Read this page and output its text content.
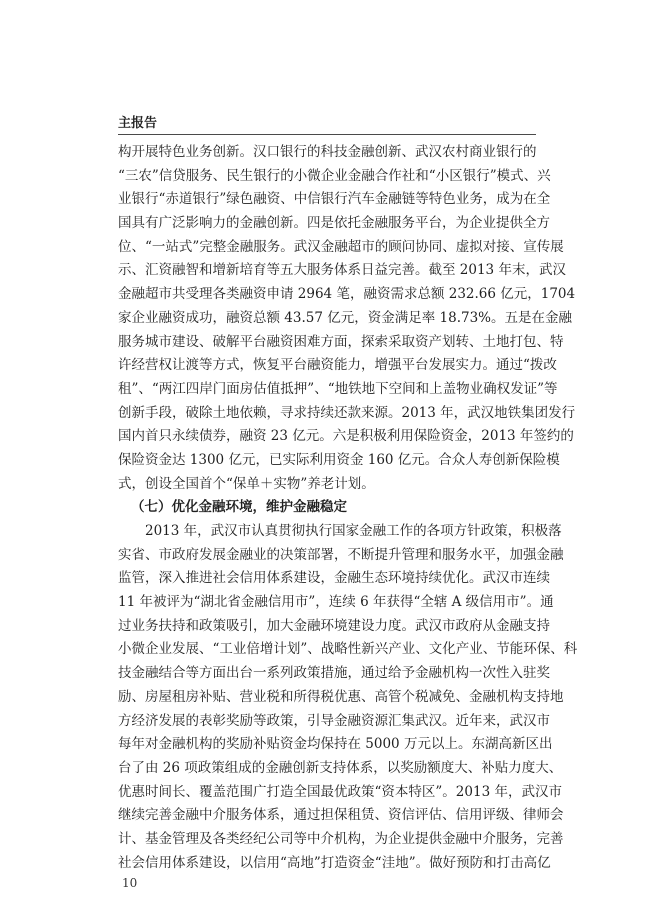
主报告
构开展特色业务创新。汉口银行的科技金融创新、武汉农村商业银行的
“三农”信贷服务、民生银行的小微企业金融合作社和“小区银行”模式、兴
业银行“赤道银行”绿色融资、中信银行汽车金融链等特色业务，成为在全
国具有广泛影响力的金融创新。四是依托金融服务平台，为企业提供全方
位、“一站式”完整金融服务。武汉金融超市的顾问协同、虚拟对接、宣传展
示、汇资融智和增新培育等五大服务体系日益完善。截至 2013 年末，武汉
金融超市共受理各类融资申请 2964 笔，融资需求总额 232.66 亿元，1704
家企业融资成功，融资总额 43.57 亿元，资金满足率 18.73%。五是在金融
服务城市建设、破解平台融资困难方面，探索采取资产划转、土地打包、特
许经营权让渡等方式，恢复平台融资能力，增强平台发展实力。通过“拨改
租”、“两江四岸门面房估值抵押”、“地铁地下空间和上盖物业确权发证”等
创新手段，破除土地依赖，寻求持续还款来源。2013 年，武汉地铁集团发行
国内首只永续债券，融资 23 亿元。六是积极利用保险资金，2013 年签约的
保险资金达 1300 亿元，已实际利用资金 160 亿元。合众人寿创新保险模
式，创设全国首个“保单＋实物”养老计划。
（七）优化金融环境，维护金融稳定
2013 年，武汉市认真贯彻执行国家金融工作的各项方针政策，积极落
实省、市政府发展金融业的决策部署，不断提升管理和服务水平，加强金融
监管，深入推进社会信用体系建设，金融生态环境持续优化。武汉市连续
11 年被评为“湖北省金融信用市”，连续 6 年获得“全辖 A 级信用市”。通
过业务扶持和政策吸引，加大金融环境建设力度。武汉市政府从金融支持
小微企业发展、“工业倍增计划”、战略性新兴产业、文化产业、节能环保、科
技金融结合等方面出台一系列政策措施，通过给予金融机构一次性入驻奖
励、房屋租房补贴、营业税和所得税优惠、高管个税减免、金融机构支持地
方经济发展的表彰奖励等政策，引导金融资源汇集武汉。近年来，武汉市
每年对金融机构的奖励补贴资金均保持在 5000 万元以上。东湖高新区出
台了由 26 项政策组成的金融创新支持体系，以奖励额度大、补贴力度大、
优惠时间长、覆盖范围广打造全国最优政策“资本特区”。2013 年，武汉市
继续完善金融中介服务体系，通过担保租赁、资信评估、信用评级、律师会
计、基金管理及各类经纪公司等中介机构，为企业提供金融中介服务，完善
社会信用体系建设，以信用“高地”打造资金“洼地”。做好预防和打击高亿
10
